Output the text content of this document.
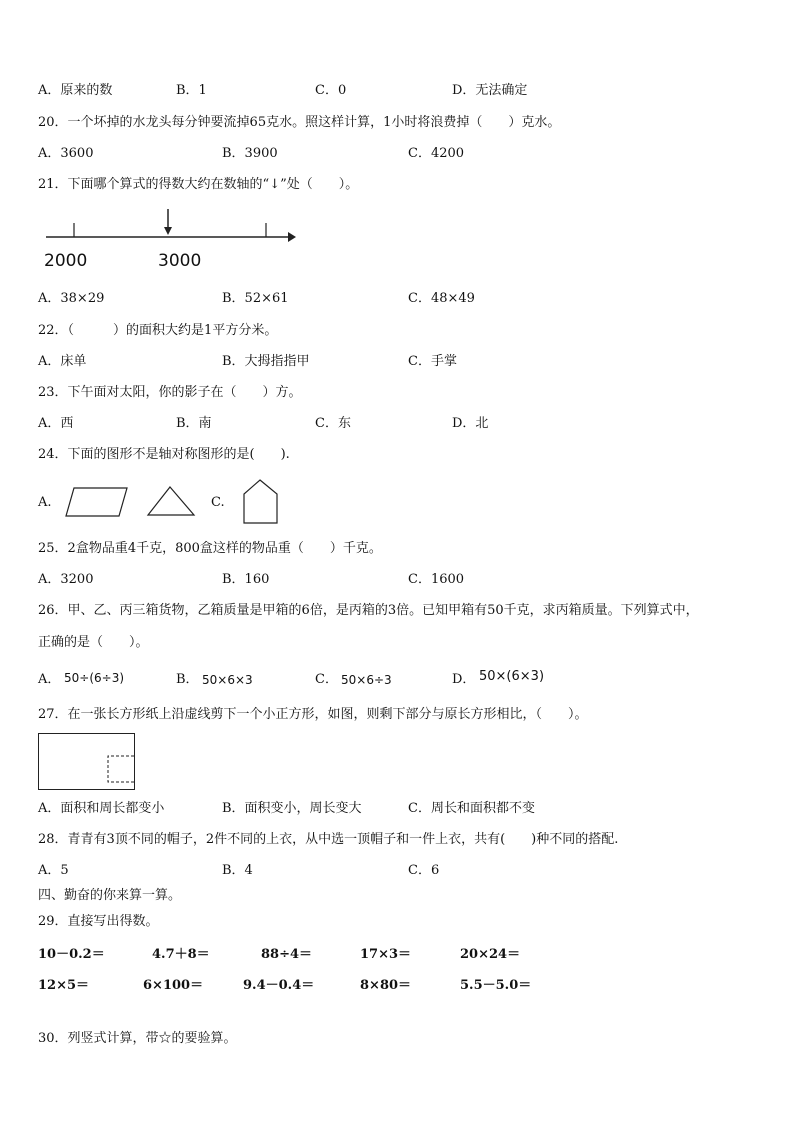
A．原来的数	B．1	C．0	D．无法确定
20．一个坏掉的水龙头每分钟要流掉65克水。照这样计算，1小时将浪费掉（　　）克水。
A．3600	B．3900	C．4200
21．下面哪个算式的得数大约在数轴的“↓”处（　　）。
2000	3000
A．38×29	B．52×61	C．48×49
22．（　　　）的面积大约是1平方分米。
A．床单	B．大拇指指甲	C．手掌
23．下午面对太阳，你的影子在（　　）方。
A．西	B．南	C．东	D．北
24．下面的图形不是轴对称图形的是(　　).
A.	C.
25．2盒物品重4千克，800盒这样的物品重（　　）千克。
A．3200	B．160	C．1600
26．甲、乙、丙三箱货物，乙箱质量是甲箱的6倍，是丙箱的3倍。已知甲箱有50千克，求丙箱质量。下列算式中，
正确的是（　　）。
A． 50÷(6÷3)	B． 50×6×3	C． 50×6÷3	D． 50×(6×3)
27．在一张长方形纸上沿虚线剪下一个小正方形，如图，则剩下部分与原长方形相比，（　　）。
A．面积和周长都变小	B．面积变小，周长变大	C．周长和面积都不变
28．青青有3顶不同的帽子，2件不同的上衣，从中选一顶帽子和一件上衣，共有(　　)种不同的搭配.
A．5	B．4	C．6
四、勤奋的你来算一算。
29．直接写出得数。
10－0.2＝	4.7＋8＝	88÷4＝	17×3＝	20×24＝
12×5＝	6×100＝	9.4－0.4＝	8×80＝	5.5－5.0＝
30．列竖式计算，带☆的要验算。
